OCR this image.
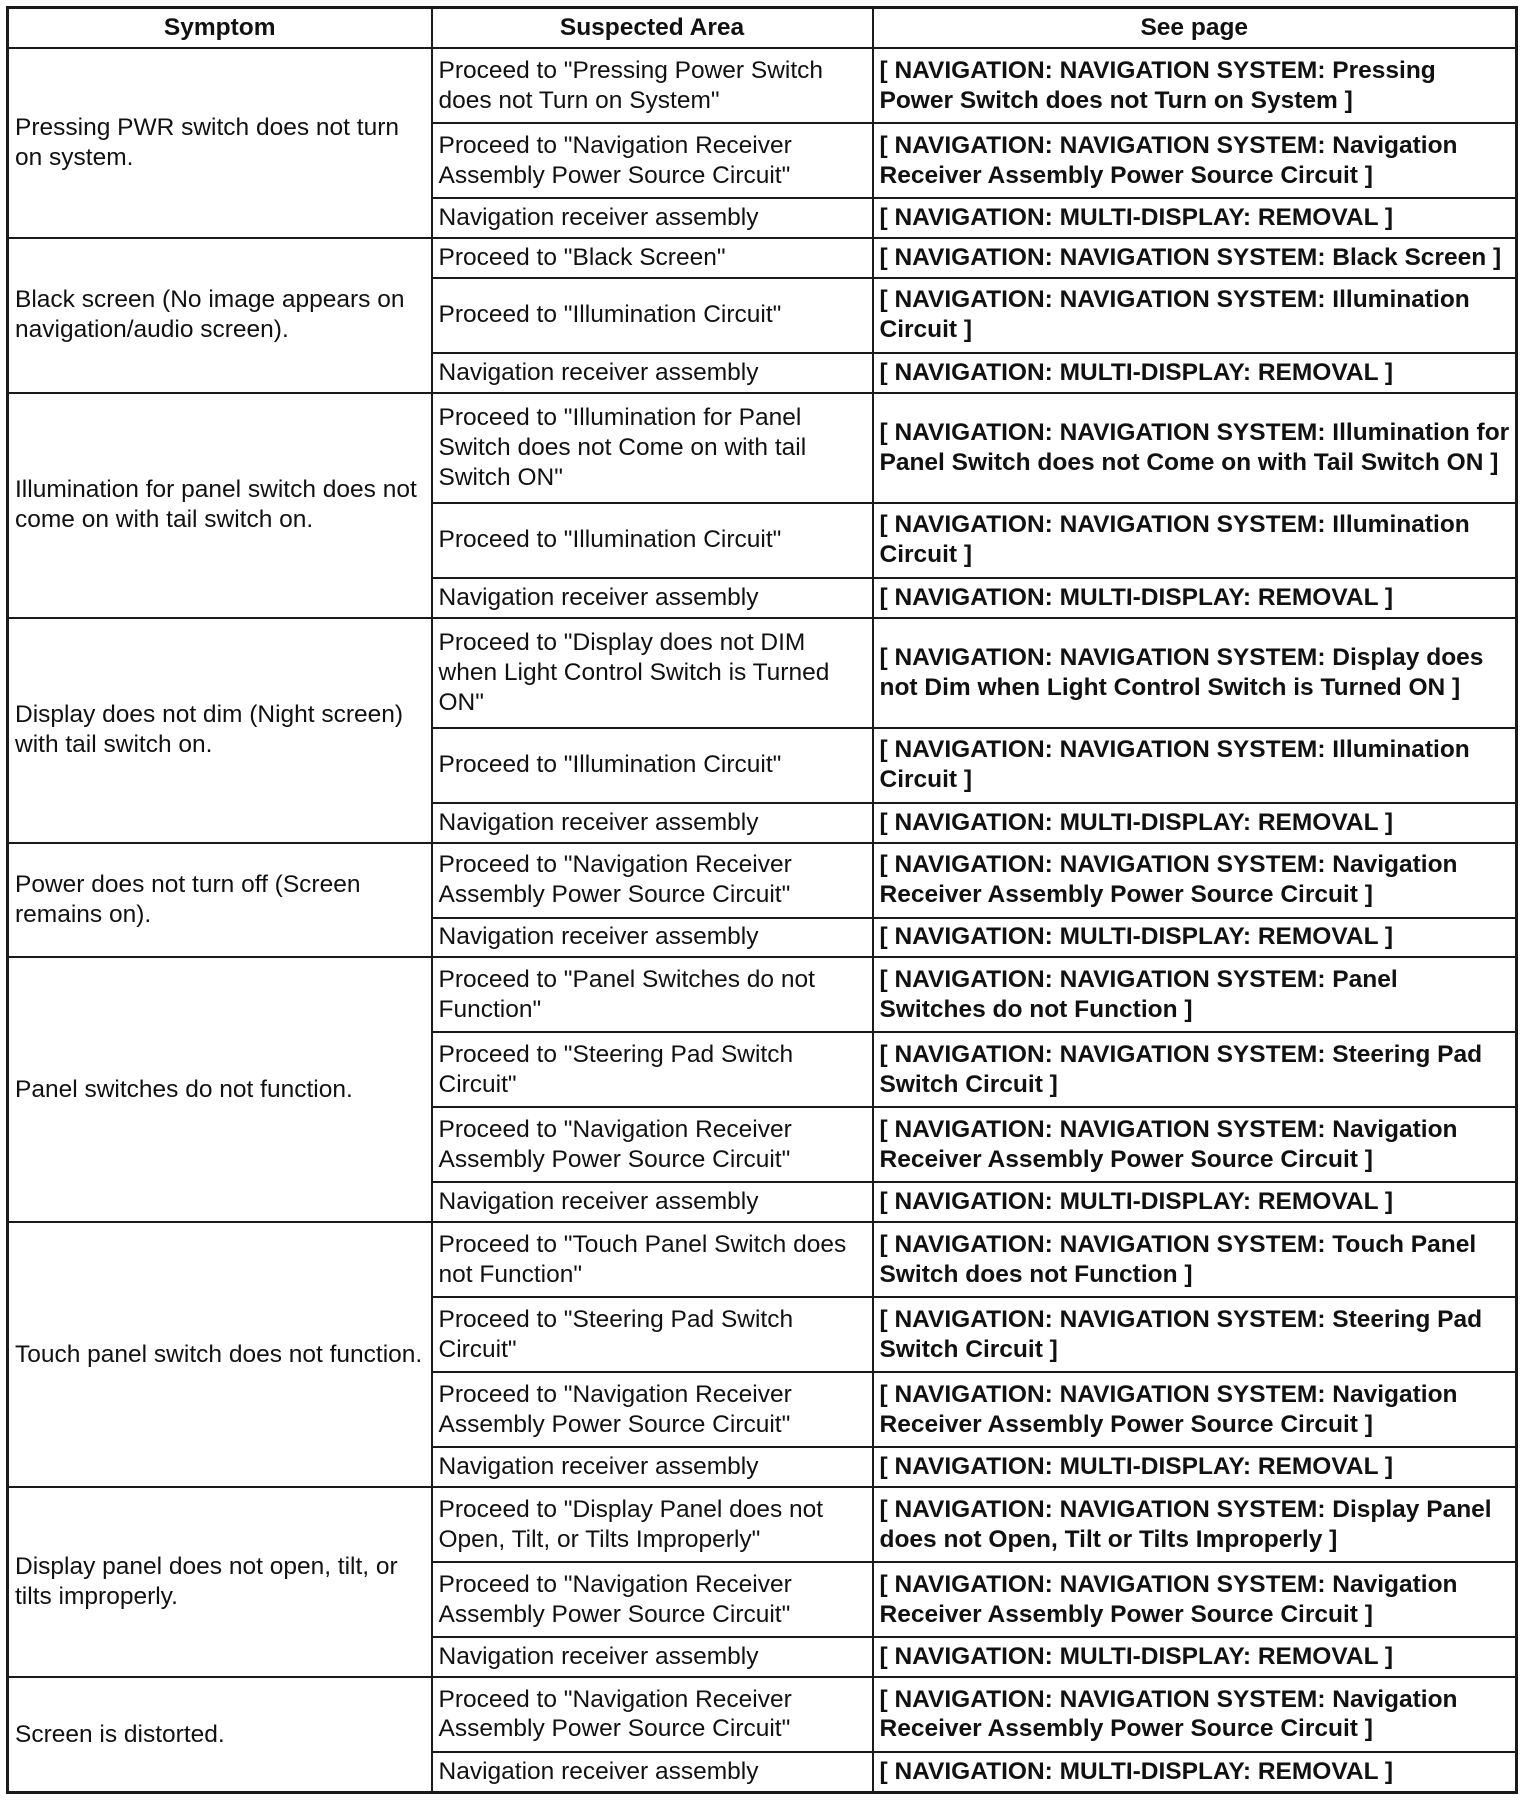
Symptom	Suspected Area	See page
Pressing PWR switch does not turn on system.	Proceed to "Pressing Power Switch does not Turn on System"	[ NAVIGATION: NAVIGATION SYSTEM: Pressing Power Switch does not Turn on System ]
	Proceed to "Navigation Receiver Assembly Power Source Circuit"	[ NAVIGATION: NAVIGATION SYSTEM: Navigation Receiver Assembly Power Source Circuit ]
	Navigation receiver assembly	[ NAVIGATION: MULTI-DISPLAY: REMOVAL ]
Black screen (No image appears on navigation/audio screen).	Proceed to "Black Screen"	[ NAVIGATION: NAVIGATION SYSTEM: Black Screen ]
	Proceed to "Illumination Circuit"	[ NAVIGATION: NAVIGATION SYSTEM: Illumination Circuit ]
	Navigation receiver assembly	[ NAVIGATION: MULTI-DISPLAY: REMOVAL ]
Illumination for panel switch does not come on with tail switch on.	Proceed to "Illumination for Panel Switch does not Come on with tail Switch ON"	[ NAVIGATION: NAVIGATION SYSTEM: Illumination for Panel Switch does not Come on with Tail Switch ON ]
	Proceed to "Illumination Circuit"	[ NAVIGATION: NAVIGATION SYSTEM: Illumination Circuit ]
	Navigation receiver assembly	[ NAVIGATION: MULTI-DISPLAY: REMOVAL ]
Display does not dim (Night screen) with tail switch on.	Proceed to "Display does not DIM when Light Control Switch is Turned ON"	[ NAVIGATION: NAVIGATION SYSTEM: Display does not Dim when Light Control Switch is Turned ON ]
	Proceed to "Illumination Circuit"	[ NAVIGATION: NAVIGATION SYSTEM: Illumination Circuit ]
	Navigation receiver assembly	[ NAVIGATION: MULTI-DISPLAY: REMOVAL ]
Power does not turn off (Screen remains on).	Proceed to "Navigation Receiver Assembly Power Source Circuit"	[ NAVIGATION: NAVIGATION SYSTEM: Navigation Receiver Assembly Power Source Circuit ]
	Navigation receiver assembly	[ NAVIGATION: MULTI-DISPLAY: REMOVAL ]
Panel switches do not function.	Proceed to "Panel Switches do not Function"	[ NAVIGATION: NAVIGATION SYSTEM: Panel Switches do not Function ]
	Proceed to "Steering Pad Switch Circuit"	[ NAVIGATION: NAVIGATION SYSTEM: Steering Pad Switch Circuit ]
	Proceed to "Navigation Receiver Assembly Power Source Circuit"	[ NAVIGATION: NAVIGATION SYSTEM: Navigation Receiver Assembly Power Source Circuit ]
	Navigation receiver assembly	[ NAVIGATION: MULTI-DISPLAY: REMOVAL ]
Touch panel switch does not function.	Proceed to "Touch Panel Switch does not Function"	[ NAVIGATION: NAVIGATION SYSTEM: Touch Panel Switch does not Function ]
	Proceed to "Steering Pad Switch Circuit"	[ NAVIGATION: NAVIGATION SYSTEM: Steering Pad Switch Circuit ]
	Proceed to "Navigation Receiver Assembly Power Source Circuit"	[ NAVIGATION: NAVIGATION SYSTEM: Navigation Receiver Assembly Power Source Circuit ]
	Navigation receiver assembly	[ NAVIGATION: MULTI-DISPLAY: REMOVAL ]
Display panel does not open, tilt, or tilts improperly.	Proceed to "Display Panel does not Open, Tilt, or Tilts Improperly"	[ NAVIGATION: NAVIGATION SYSTEM: Display Panel does not Open, Tilt or Tilts Improperly ]
	Proceed to "Navigation Receiver Assembly Power Source Circuit"	[ NAVIGATION: NAVIGATION SYSTEM: Navigation Receiver Assembly Power Source Circuit ]
	Navigation receiver assembly	[ NAVIGATION: MULTI-DISPLAY: REMOVAL ]
Screen is distorted.	Proceed to "Navigation Receiver Assembly Power Source Circuit"	[ NAVIGATION: NAVIGATION SYSTEM: Navigation Receiver Assembly Power Source Circuit ]
	Navigation receiver assembly	[ NAVIGATION: MULTI-DISPLAY: REMOVAL ]
